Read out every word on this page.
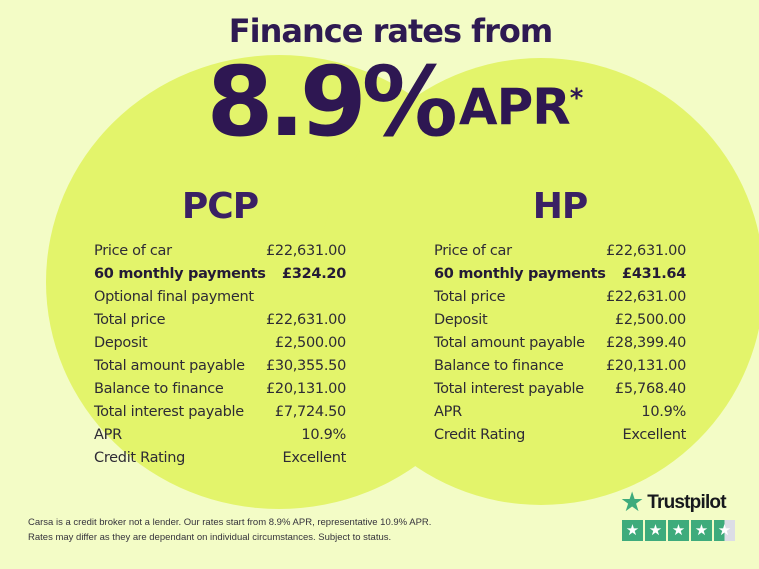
Finance rates from
8.9% APR*
PCP
Price of car	£22,631.00
60 monthly payments £324.20
Optional final payment
Total price	£22,631.00
Deposit	£2,500.00
Total amount payable £30,355.50
Balance to finance	£20,131.00
Total interest payable £7,724.50
APR	10.9%
Credit Rating	Excellent
HP
Price of car	£22,631.00
60 monthly payments £431.64
Total price	£22,631.00
Deposit	£2,500.00
Total amount payable £28,399.40
Balance to finance	£20,131.00
Total interest payable £5,768.40
APR	10.9%
Credit Rating	Excellent
Carsa is a credit broker not a lender. Our rates start from 8.9% APR, representative 10.9% APR.
Rates may differ as they are dependant on individual circumstances. Subject to status.
★ Trustpilot
★ ★ ★ ★ ★
